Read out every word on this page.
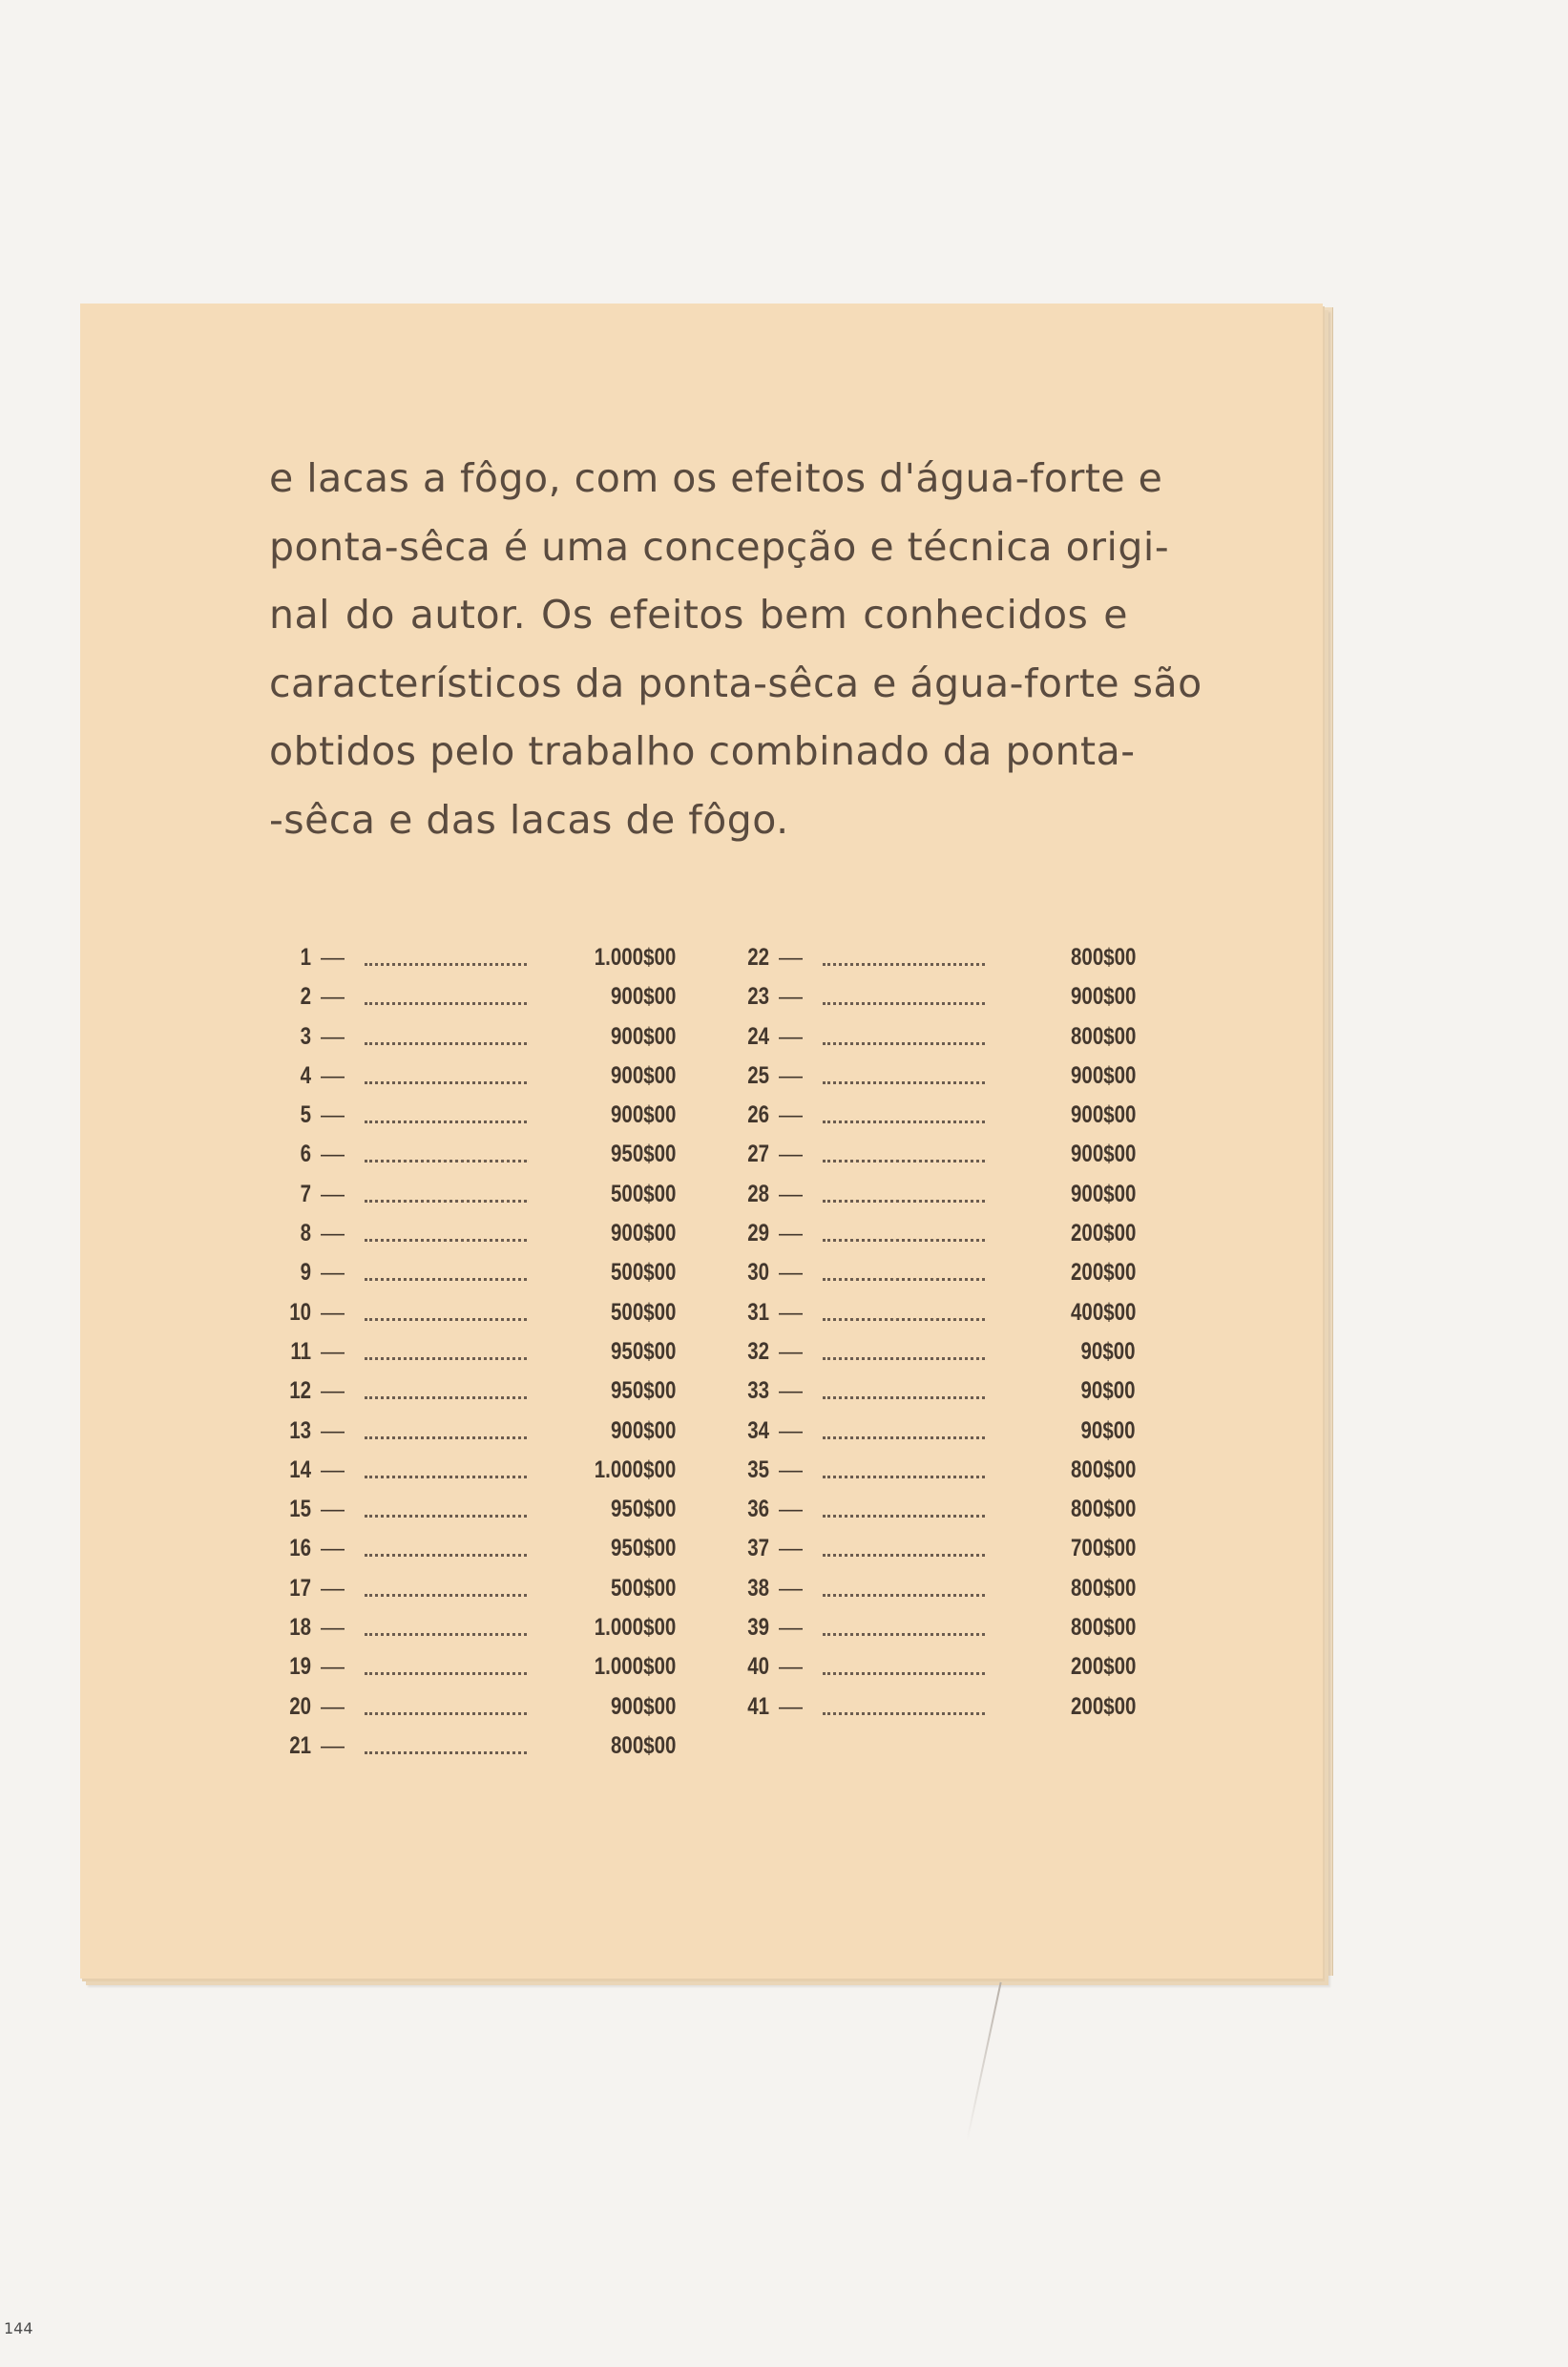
e lacas a fôgo, com os efeitos d'água-forte e
ponta-sêca é uma concepção e técnica origi-
nal do autor. Os efeitos bem conhecidos e
característicos da ponta-sêca e água-forte são
obtidos pelo trabalho combinado da ponta-
-sêca e das lacas de fôgo.
1 —	1.000$00
2 —	900$00
3 —	900$00
4 —	900$00
5 —	900$00
6 —	950$00
7 —	500$00
8 —	900$00
9 —	500$00
10 —	500$00
11 —	950$00
12 —	950$00
13 —	900$00
14 —	1.000$00
15 —	950$00
16 —	950$00
17 —	500$00
18 —	1.000$00
19 —	1.000$00
20 —	900$00
21 —	800$00
22 —	800$00
23 —	900$00
24 —	800$00
25 —	900$00
26 —	900$00
27 —	900$00
28 —	900$00
29 —	200$00
30 —	200$00
31 —	400$00
32 —	90$00
33 —	90$00
34 —	90$00
35 —	800$00
36 —	800$00
37 —	700$00
38 —	800$00
39 —	800$00
40 —	200$00
41 —	200$00
144
